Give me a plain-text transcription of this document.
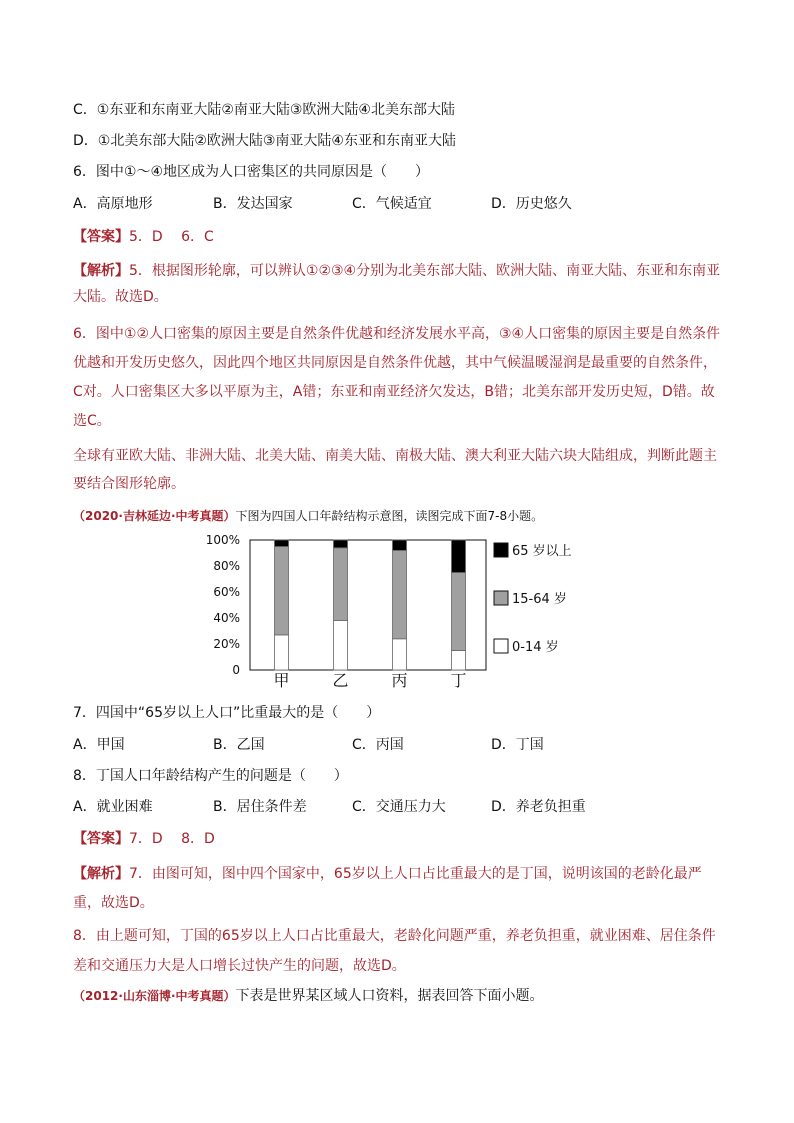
C．①东亚和东南亚大陆②南亚大陆③欧洲大陆④北美东部大陆
D．①北美东部大陆②欧洲大陆③南亚大陆④东亚和东南亚大陆
6．图中①～④地区成为人口密集区的共同原因是（　　）
A．高原地形	B．发达国家	C．气候适宜	D．历史悠久
【答案】5．D　 6．C
【解析】5．根据图形轮廓，可以辨认①②③④分别为北美东部大陆、欧洲大陆、南亚大陆、东亚和东南亚大陆。故选D。
6．图中①②人口密集的原因主要是自然条件优越和经济发展水平高，③④人口密集的原因主要是自然条件优越和开发历史悠久，因此四个地区共同原因是自然条件优越，其中气候温暖湿润是最重要的自然条件，C对。人口密集区大多以平原为主，A错；东亚和南亚经济欠发达，B错；北美东部开发历史短，D错。故选C。
全球有亚欧大陆、非洲大陆、北美大陆、南美大陆、南极大陆、澳大利亚大陆六块大陆组成，判断此题主要结合图形轮廓。
（2020·吉林延边·中考真题）下图为四国人口年龄结构示意图，读图完成下面7-8小题。
0
20%
40%
60%
80%
100%
甲	乙	丙	丁
65 岁以上
15-64 岁
0-14 岁
7．四国中“65岁以上人口”比重最大的是（　　）
A．甲国	B．乙国	C．丙国	D．丁国
8．丁国人口年龄结构产生的问题是（　　）
A．就业困难	B．居住条件差	C．交通压力大	D．养老负担重
【答案】7．D　 8．D
【解析】7．由图可知，图中四个国家中，65岁以上人口占比重最大的是丁国，说明该国的老龄化最严重，故选D。
8．由上题可知，丁国的65岁以上人口占比重最大，老龄化问题严重，养老负担重，就业困难、居住条件差和交通压力大是人口增长过快产生的问题，故选D。
（2012·山东淄博·中考真题）下表是世界某区域人口资料，据表回答下面小题。
